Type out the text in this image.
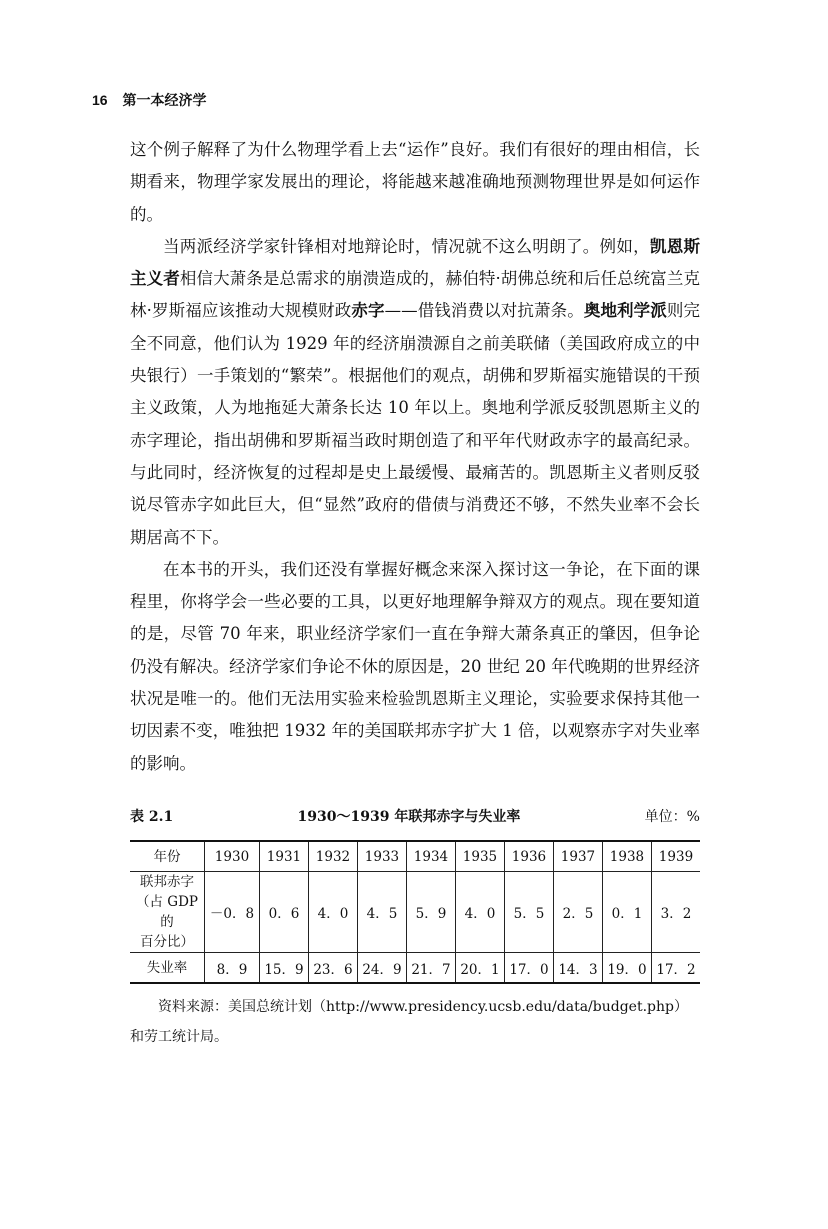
16 第一本经济学

这个例子解释了为什么物理学看上去“运作”良好。我们有很好的理由相信，长期看来，物理学家发展出的理论，将能越来越准确地预测物理世界是如何运作的。

当两派经济学家针锋相对地辩论时，情况就不这么明朗了。例如，凯恩斯主义者相信大萧条是总需求的崩溃造成的，赫伯特·胡佛总统和后任总统富兰克林·罗斯福应该推动大规模财政赤字——借钱消费以对抗萧条。奥地利学派则完全不同意，他们认为 1929 年的经济崩溃源自之前美联储（美国政府成立的中央银行）一手策划的“繁荣”。根据他们的观点，胡佛和罗斯福实施错误的干预主义政策，人为地拖延大萧条长达 10 年以上。奥地利学派反驳凯恩斯主义的赤字理论，指出胡佛和罗斯福当政时期创造了和平年代财政赤字的最高纪录。与此同时，经济恢复的过程却是史上最缓慢、最痛苦的。凯恩斯主义者则反驳说尽管赤字如此巨大，但“显然”政府的借债与消费还不够，不然失业率不会长期居高不下。

在本书的开头，我们还没有掌握好概念来深入探讨这一争论，在下面的课程里，你将学会一些必要的工具，以更好地理解争辩双方的观点。现在要知道的是，尽管 70 年来，职业经济学家们一直在争辩大萧条真正的肇因，但争论仍没有解决。经济学家们争论不休的原因是，20 世纪 20 年代晚期的世界经济状况是唯一的。他们无法用实验来检验凯恩斯主义理论，实验要求保持其他一切因素不变，唯独把 1932 年的美国联邦赤字扩大 1 倍，以观察赤字对失业率的影响。

表 2.1	1930～1939 年联邦赤字与失业率	单位：%
年份	1930	1931	1932	1933	1934	1935	1936	1937	1938	1939
联邦赤字
（占 GDP 的
百分比）	－0．8	0．6	4．0	4．5	5．9	4．0	5．5	2．5	0．1	3．2
失业率	8．9	15．9	23．6	24．9	21．7	20．1	17．0	14．3	19．0	17．2

资料来源：美国总统计划（http://www.presidency.ucsb.edu/data/budget.php）和劳工统计局。
